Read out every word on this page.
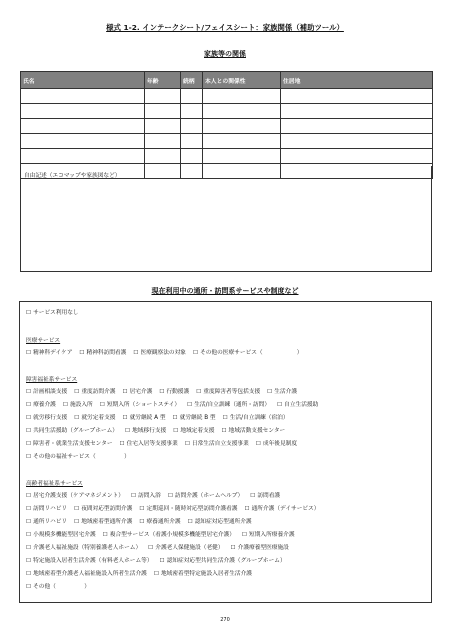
様式 1-2. インテークシート/フェイスシート：家族関係（補助ツール）
家族等の関係
氏名	年齢	続柄	本人との関係性	住居地

自由記述（エコマップや家族図など）
現在利用中の通所・訪問系サービスや制度など
☐ サービス利用なし
医療サービス
☐ 精神科デイケア ☐ 精神科訪問看護 ☐ 医療観察法の対象 ☐ その他の医療サービス（　　　　　　）
障害福祉系サービス
☐ 計画相談支援 ☐ 重度訪問介護 ☐ 居宅介護 ☐ 行動援護 ☐ 重度障害者等包括支援 ☐ 生活介護
☐ 療養介護 ☐ 施設入所 ☐ 短期入所（ショートステイ） ☐ 生活/自立訓練（通所・訪問） ☐ 自立生活援助
☐ 就労移行支援 ☐ 就労定着支援 ☐ 就労継続 A 型 ☐ 就労継続 B 型 ☐ 生活/自立訓練（宿泊）
☐ 共同生活援助（グループホーム） ☐ 地域移行支援 ☐ 地域定着支援 ☐ 地域活動支援センター
☐ 障害者・就業生活支援センター ☐ 住宅入居等支援事業 ☐ 日常生活自立支援事業 ☐ 成年後見制度
☐ その他の福祉サービス（　　　　　）
高齢者福祉系サービス
☐ 居宅介護支援（ケアマネジメント） ☐ 訪問入浴 ☐ 訪問介護（ホームヘルプ） ☐ 訪問看護
☐ 訪問リハビリ ☐ 夜間対応型訪問介護 ☐ 定期巡回・随時対応型訪問介護看護 ☐ 通所介護（デイサービス）
☐ 通所リハビリ ☐ 地域密着型通所介護 ☐ 療養通所介護 ☐ 認知症対応型通所介護
☐ 小規模多機能型居宅介護 ☐ 複合型サービス（看護小規模多機能型居宅介護） ☐ 短期入所療養介護
☐ 介護老人福祉施設（特別養護老人ホーム） ☐ 介護老人保健施設（老健） ☐ 介護療養型医療施設
☐ 特定施設入居者生活介護（有料老人ホーム等） ☐ 認知症対応型共同生活介護（グループホーム）
☐ 地域密着型介護老人福祉施設入所者生活介護 ☐ 地域密着型特定施設入居者生活介護
☐ その他（　　　　　）
270
